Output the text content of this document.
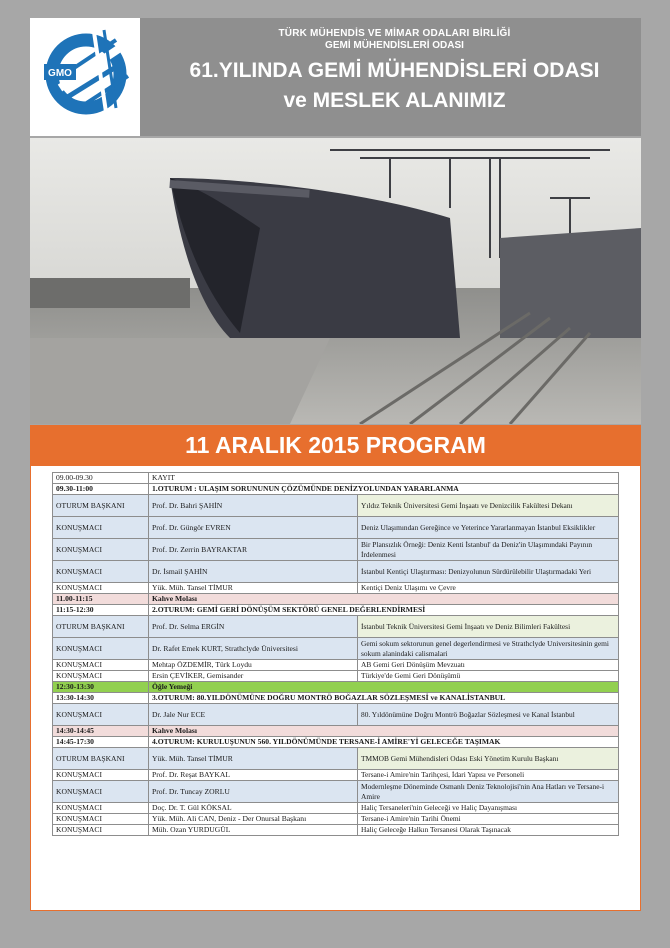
GMO
TÜRK MÜHENDİS VE MİMAR ODALARI BİRLİĞİ
GEMİ MÜHENDİSLERİ ODASI
61.YILINDA GEMİ MÜHENDİSLERİ ODASI
ve MESLEK ALANIMIZ
11 ARALIK 2015 PROGRAM
09.00-09.30	KAYIT	
09.30-11:00	1.OTURUM : ULAŞIM SORUNUNUN ÇÖZÜMÜNDE DENİZYOLUNDAN YARARLANMA	
OTURUM BAŞKANI	Prof. Dr. Bahri ŞAHİN	Yıldız Teknik Üniversitesi Gemi İnşaatı ve Denizcilik Fakültesi Dekanı
KONUŞMACI	Prof. Dr. Güngör EVREN	Deniz Ulaşımından Gereğince ve Yeterince Yararlanmayan İstanbul Eksiklikler
KONUŞMACI	Prof. Dr. Zerrin BAYRAKTAR	Bir Plansızlık Örneği: Deniz Kenti İstanbul' da Deniz'in Ulaşımındaki Payının İrdelenmesi
KONUŞMACI	Dr. İsmail ŞAHİN	İstanbul Kentiçi Ulaştırması: Denizyolunun Sürdürülebilir Ulaştırmadaki Yeri
KONUŞMACI	Yük. Müh. Tansel TİMUR	Kentiçi Deniz Ulaşımı ve Çevre
11.00-11:15	Kahve Molası	
11:15-12:30	2.OTURUM: GEMİ GERİ DÖNÜŞÜM SEKTÖRÜ GENEL DEĞERLENDİRMESİ	
OTURUM BAŞKANI	Prof. Dr. Selma ERGİN	İstanbul Teknik Üniversitesi Gemi İnşaatı ve Deniz Bilimleri Fakültesi
KONUŞMACI	Dr. Rafet Emek KURT, Strathclyde Üniversitesi	Gemi sokum sektorunun genel degerlendirmesi ve Strathclyde Universitesinin gemi sokum alanindaki calismalari
KONUŞMACI	Mehtap ÖZDEMİR, Türk Loydu	AB Gemi Geri Dönüşüm Mevzuatı
KONUŞMACI	Ersin ÇEVİKER, Gemisander	Türkiye'de Gemi Geri Dönüşümü
12:30-13:30	Öğle Yemeği	
13:30-14:30	3.OTURUM: 80.YILDÖNÜMÜNE DOĞRU MONTRÖ BOĞAZLAR SÖZLEŞMESİ ve KANALİSTANBUL	
KONUŞMACI	Dr. Jale Nur ECE	80. Yıldönümüne Doğru Montrö Boğazlar Sözleşmesi ve Kanal İstanbul
14:30-14:45	Kahve Molası	
14:45-17:30	4.OTURUM: KURULUŞUNUN 560. YILDÖNÜMÜNDE TERSANE-İ AMİRE'Yİ GELECEĞE TAŞIMAK	
OTURUM BAŞKANI	Yük. Müh. Tansel TİMUR	TMMOB Gemi Mühendisleri Odası Eski Yönetim Kurulu Başkanı
KONUŞMACI	Prof. Dr. Reşat BAYKAL	Tersane-i Amire'nin Tarihçesi, İdari Yapısı ve Personeli
KONUŞMACI	Prof. Dr. Tuncay ZORLU	Modernleşme Döneminde Osmanlı Deniz Teknolojisi'nin Ana Hatları ve Tersane-i Amire
KONUŞMACI	Doç. Dr. T. Gül KÖKSAL	Haliç Tersaneleri'nin Geleceği ve Haliç Dayanışması
KONUŞMACI	Yük. Müh. Ali CAN, Deniz - Der Onursal Başkanı	Tersane-i Amire'nin Tarihi Önemi
KONUŞMACI	Müh. Ozan YURDUGÜL	Haliç Geleceğe Halkın Tersanesi Olarak Taşınacak
